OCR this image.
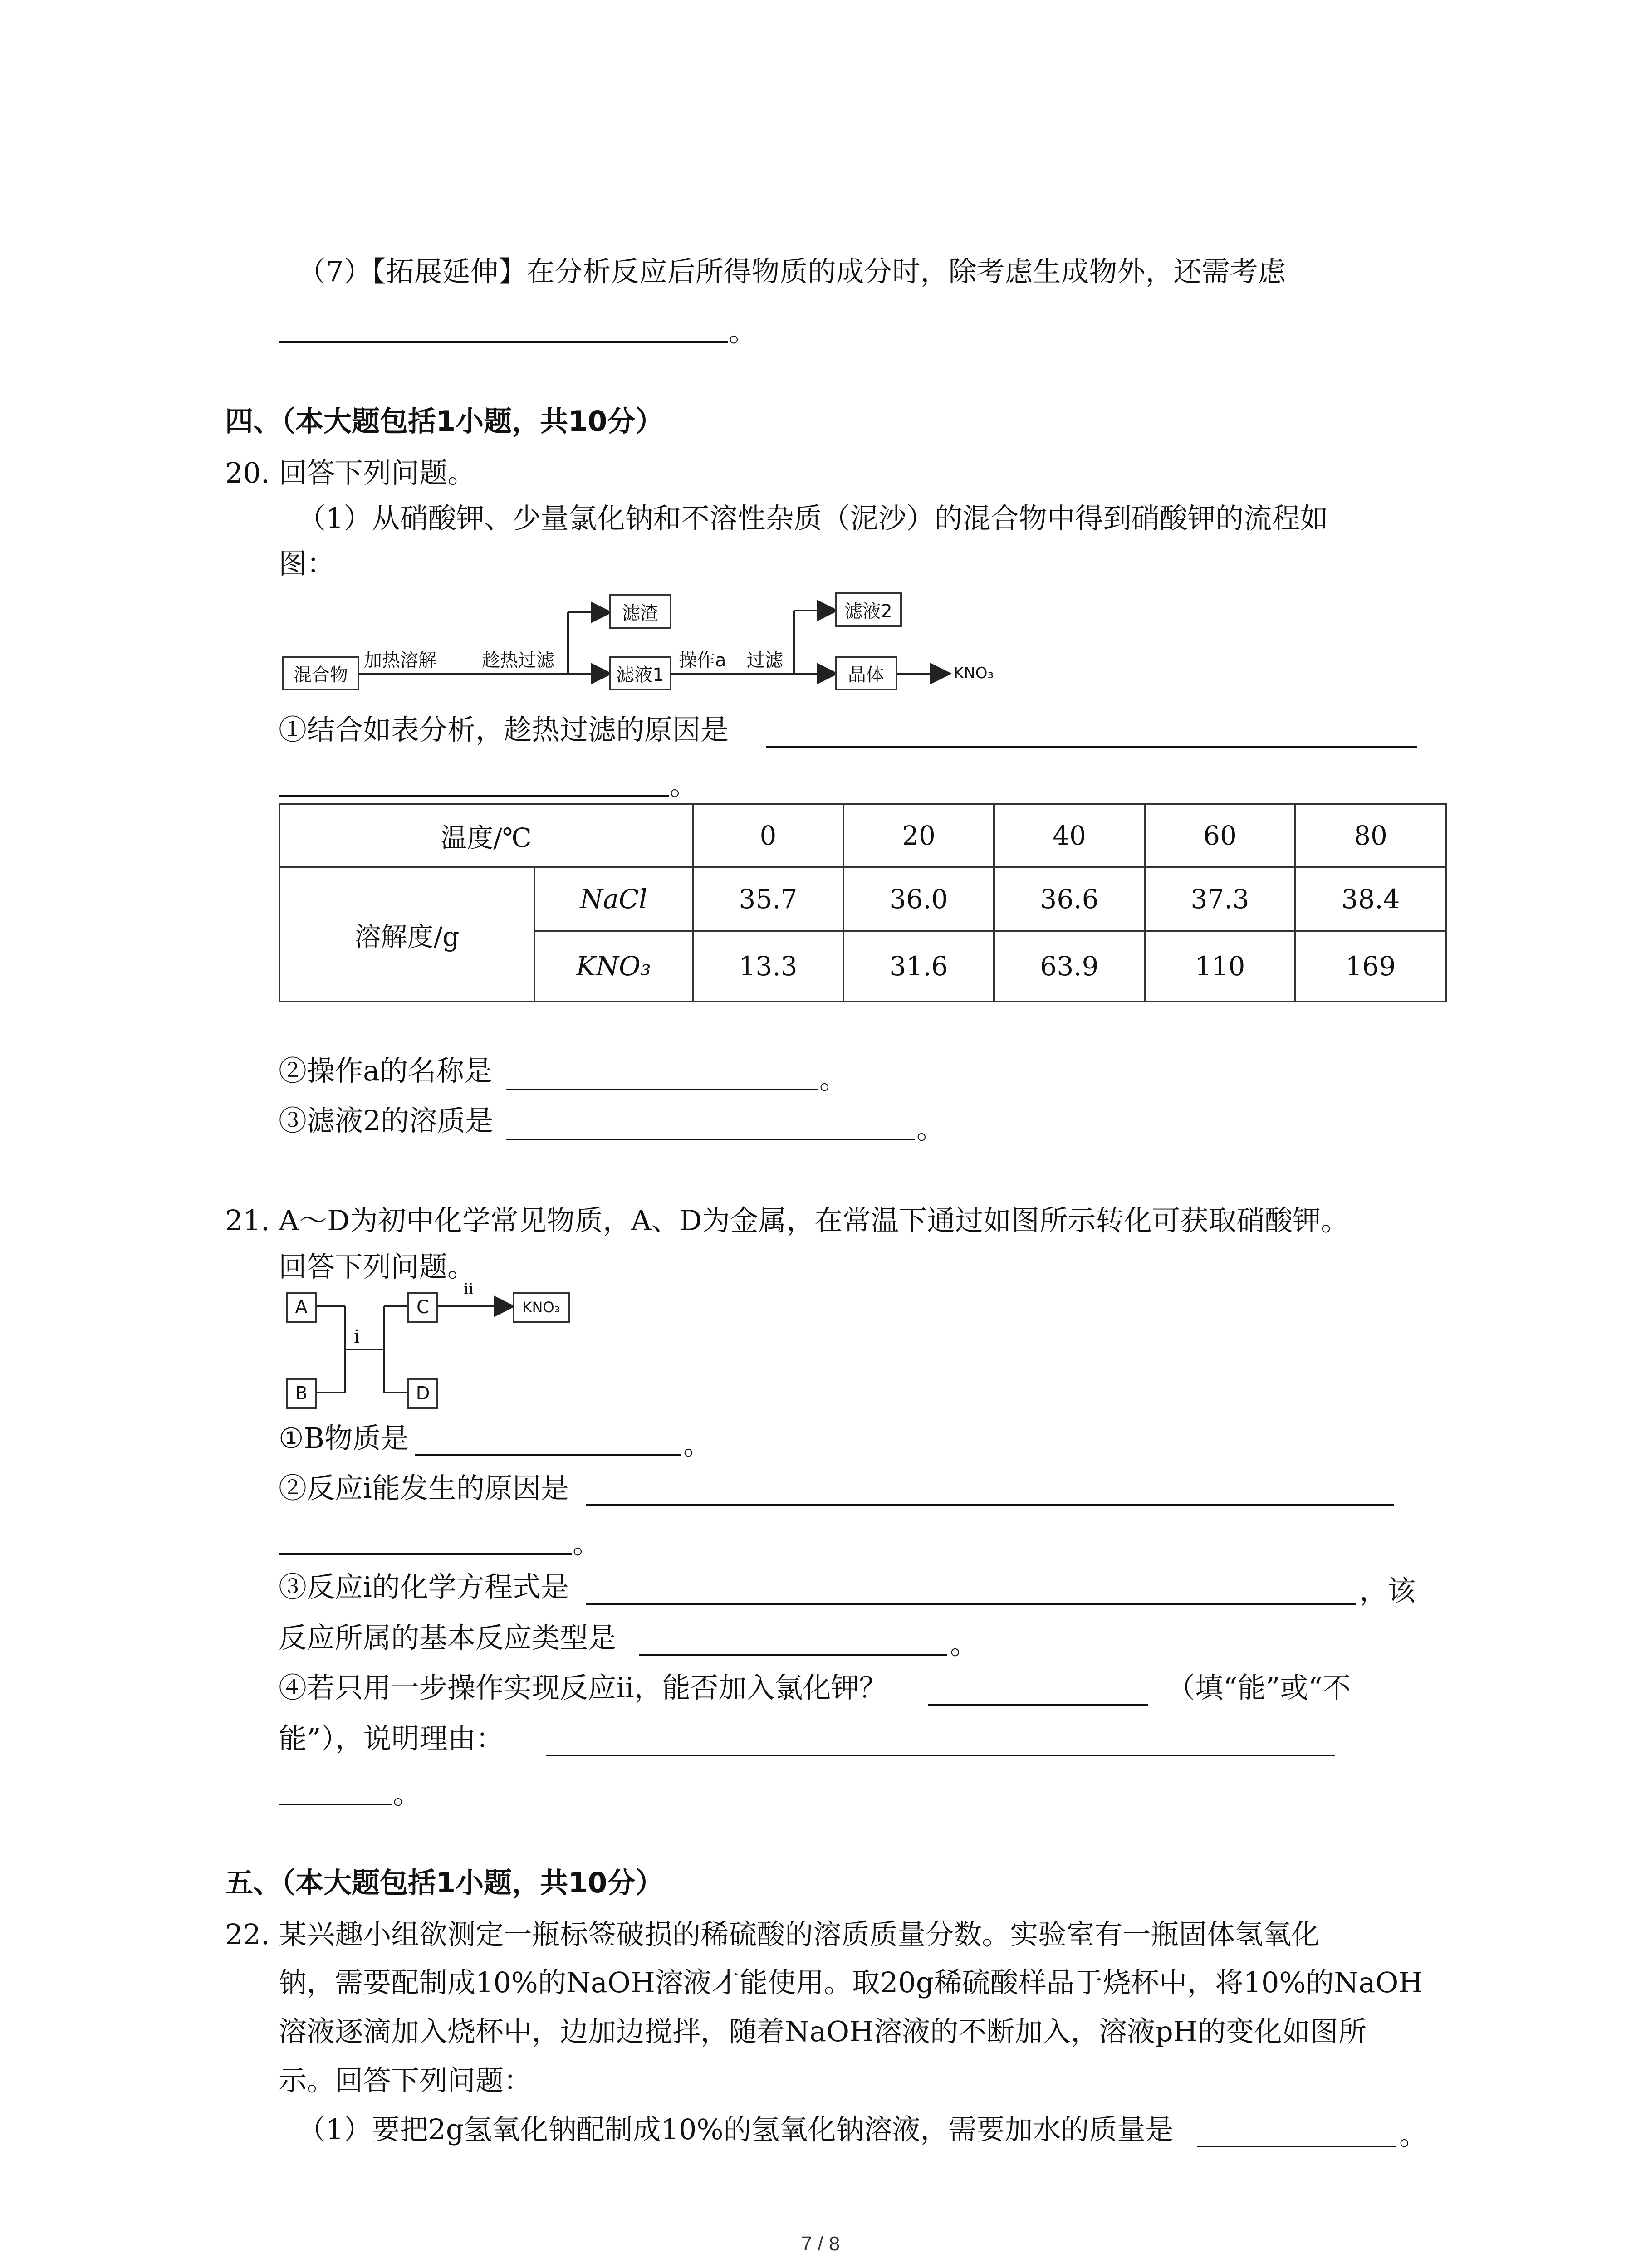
（7）【拓展延伸】在分析反应后所得物质的成分时，除考虑生成物外，还需考虑
。
四、（本大题包括1小题，共10分）
20. 回答下列问题。
（1）从硝酸钾、少量氯化钠和不溶性杂质（泥沙）的混合物中得到硝酸钾的流程如
图：
混合物
加热溶解	趁热过滤
滤渣
滤液1
操作a 过滤
滤液2
晶体	KNO₃
①结合如表分析，趁热过滤的原因是
。
温度/℃		0	20	40	60	80
溶解度/g	NaCl	35.7	36.0	36.6	37.3	38.4
	KNO₃	13.3	31.6	63.9	110	169
②操作a的名称是	。
③滤液2的溶质是	。
21. A～D为初中化学常见物质，A、D为金属，在常温下通过如图所示转化可获取硝酸钾。
回答下列问题。
A
B
C
D
i
ii
KNO₃
①B物质是	。
②反应i能发生的原因是
。
③反应i的化学方程式是	，该
反应所属的基本反应类型是	。
④若只用一步操作实现反应ii，能否加入氯化钾？	（填“能”或“不
能”），说明理由：
。
五、（本大题包括1小题，共10分）
22. 某兴趣小组欲测定一瓶标签破损的稀硫酸的溶质质量分数。实验室有一瓶固体氢氧化
钠，需要配制成10%的NaOH溶液才能使用。取20g稀硫酸样品于烧杯中，将10%的NaOH
溶液逐滴加入烧杯中，边加边搅拌，随着NaOH溶液的不断加入，溶液pH的变化如图所
示。回答下列问题：
（1）要把2g氢氧化钠配制成10%的氢氧化钠溶液，需要加水的质量是	。
7 / 8
